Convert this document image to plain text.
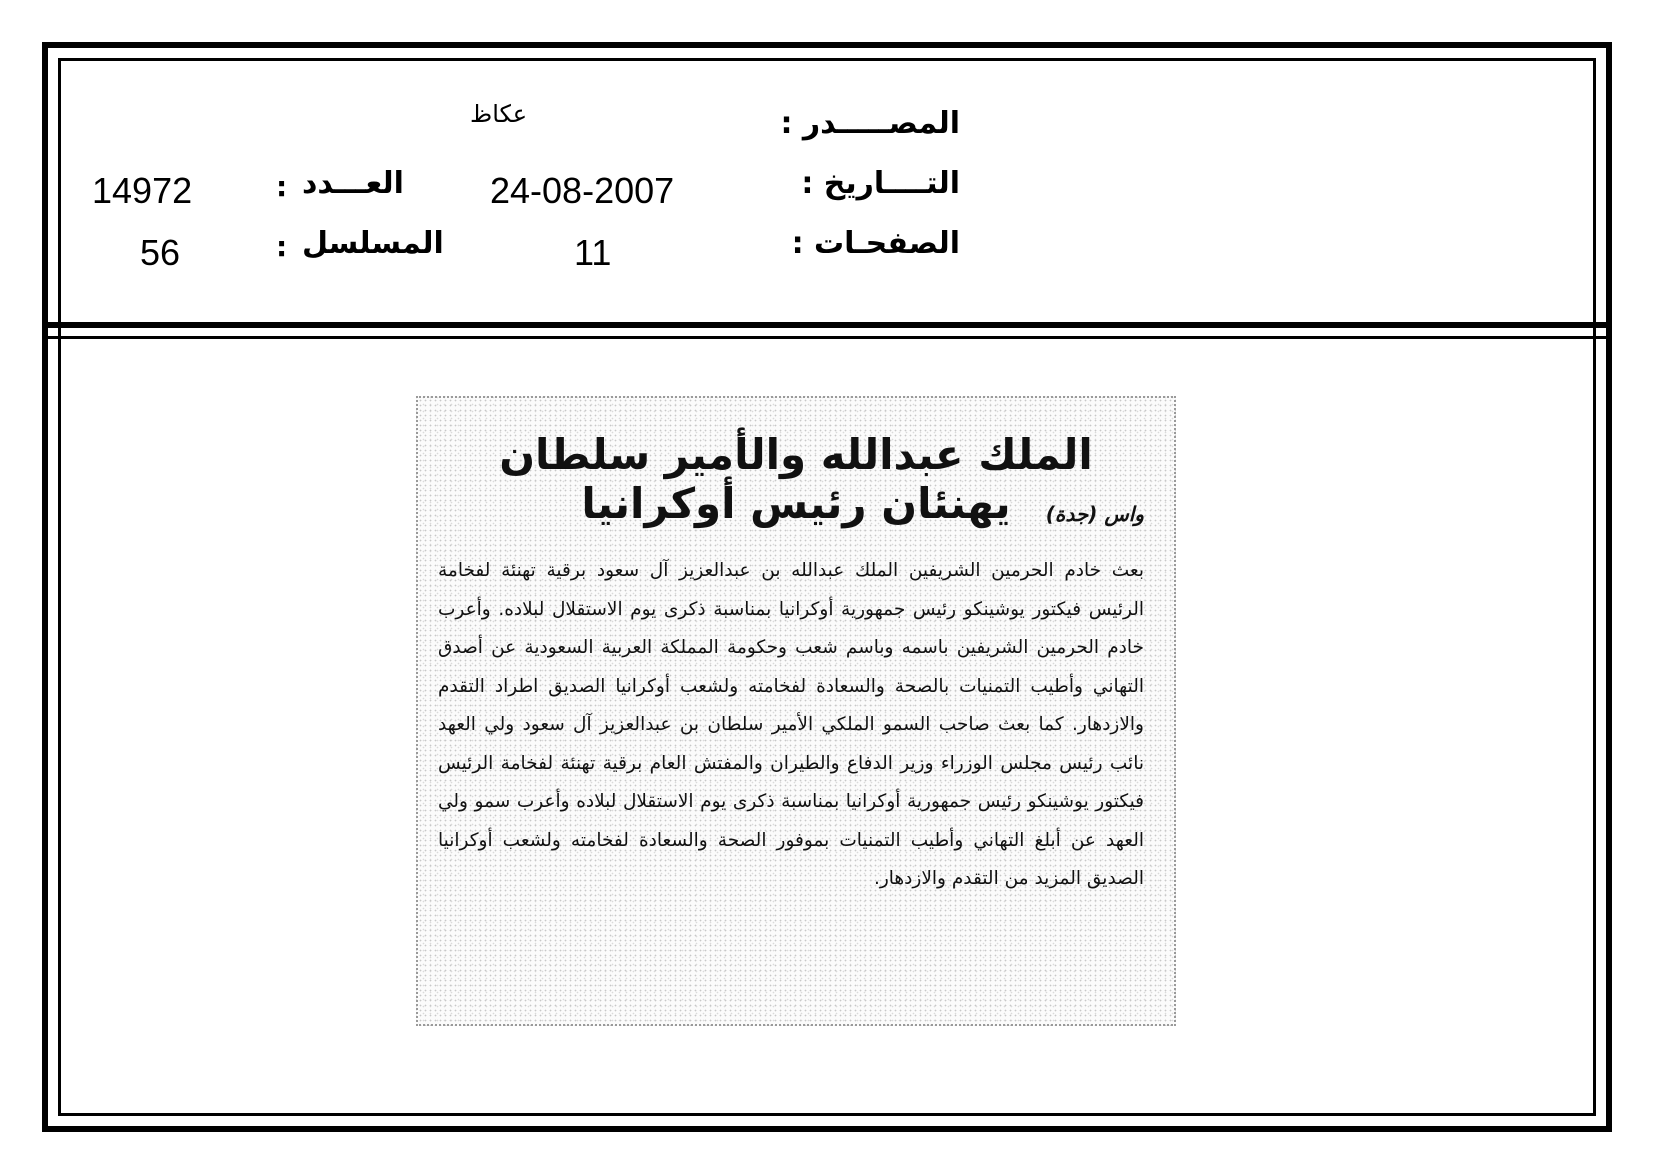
المصـــــدر :
عكاظ
التــــاريخ :
24-08-2007
الصفحـات :
11
العـــدد
:
14972
المسلسل
:
56
الملك عبدالله والأمير سلطان يهنئان رئيس أوكرانيا	واس (جدة)
بعث خادم الحرمين الشريفين الملك عبدالله بن عبدالعزيز آل سعود برقية تهنئة لفخامة الرئيس فيكتور يوشينكو رئيس جمهورية أوكرانيا بمناسبة ذكرى يوم الاستقلال لبلاده. وأعرب خادم الحرمين الشريفين باسمه وباسم شعب وحكومة المملكة العربية السعودية عن أصدق التهاني وأطيب التمنيات بالصحة والسعادة لفخامته ولشعب أوكرانيا الصديق اطراد التقدم والازدهار. كما بعث صاحب السمو الملكي الأمير سلطان بن عبدالعزيز آل سعود ولي العهد نائب رئيس مجلس الوزراء وزير الدفاع والطيران والمفتش العام برقية تهنئة لفخامة الرئيس فيكتور يوشينكو رئيس جمهورية أوكرانيا بمناسبة ذكرى يوم الاستقلال لبلاده وأعرب سمو ولي العهد عن أبلغ التهاني وأطيب التمنيات بموفور الصحة والسعادة لفخامته ولشعب أوكرانيا الصديق المزيد من التقدم والازدهار.
